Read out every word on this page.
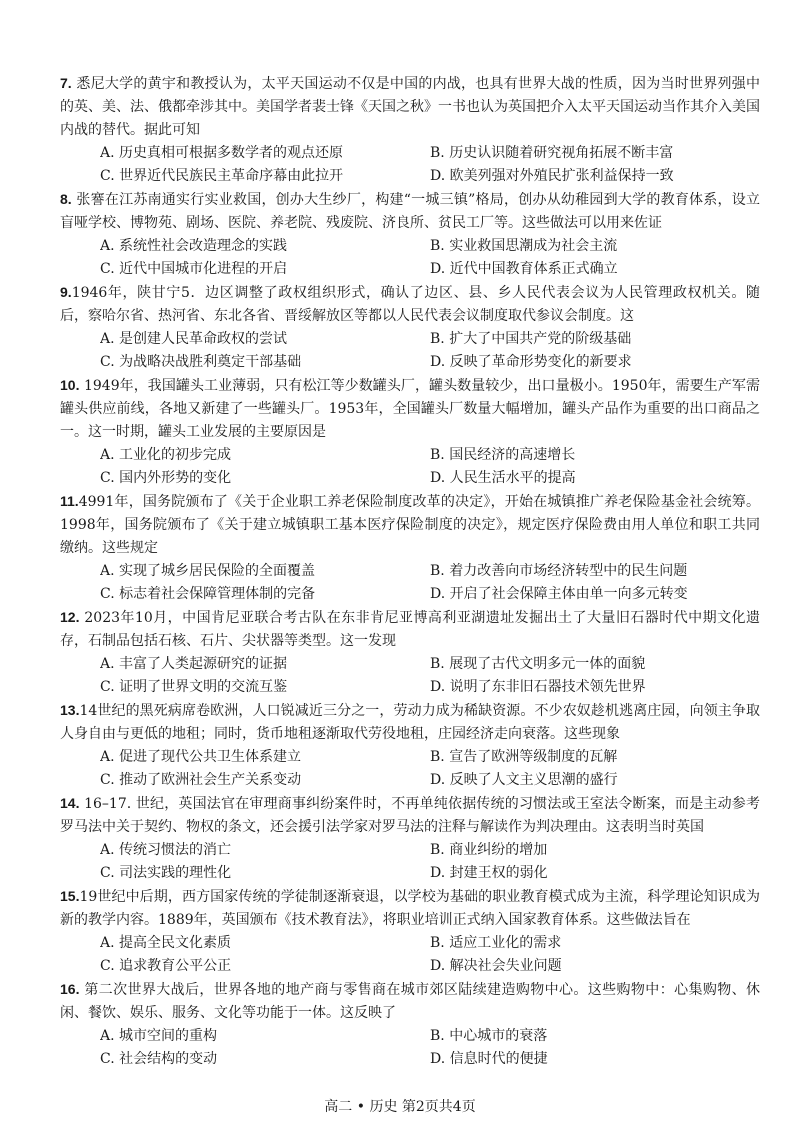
7. 悉尼大学的黄宇和教授认为，太平天国运动不仅是中国的内战，也具有世界大战的性质，因为当时世界列强中的英、美、法、俄都牵涉其中。美国学者裴士锋《天国之秋》一书也认为英国把介入太平天国运动当作其介入美国内战的替代。据此可知
A. 历史真相可根据多数学者的观点还原	B. 历史认识随着研究视角拓展不断丰富
C. 世界近代民族民主革命序幕由此拉开	D. 欧美列强对外殖民扩张利益保持一致
8. 张謇在江苏南通实行实业救国，创办大生纱厂，构建“一城三镇”格局，创办从幼稚园到大学的教育体系，设立盲哑学校、博物苑、剧场、医院、养老院、残废院、济良所、贫民工厂等。这些做法可以用来佐证
A. 系统性社会改造理念的实践	B. 实业救国思潮成为社会主流
C. 近代中国城市化进程的开启	D. 近代中国教育体系正式确立
9.1946年，陕甘宁5．边区调整了政权组织形式，确认了边区、县、乡人民代表会议为人民管理政权机关。随后，察哈尔省、热河省、东北各省、晋绥解放区等都以人民代表会议制度取代参议会制度。这
A. 是创建人民革命政权的尝试	B. 扩大了中国共产党的阶级基础
C. 为战略决战胜利奠定干部基础	D. 反映了革命形势变化的新要求
10. 1949年，我国罐头工业薄弱，只有松江等少数罐头厂，罐头数量较少，出口量极小。1950年，需要生产军需罐头供应前线，各地又新建了一些罐头厂。1953年，全国罐头厂数量大幅增加，罐头产品作为重要的出口商品之一。这一时期，罐头工业发展的主要原因是
A. 工业化的初步完成	B. 国民经济的高速增长
C. 国内外形势的变化	D. 人民生活水平的提高
11.4991年，国务院颁布了《关于企业职工养老保险制度改革的决定》，开始在城镇推广养老保险基金社会统筹。1998年，国务院颁布了《关于建立城镇职工基本医疗保险制度的决定》，规定医疗保险费由用人单位和职工共同缴纳。这些规定
A. 实现了城乡居民保险的全面覆盖	B. 着力改善向市场经济转型中的民生问题
C. 标志着社会保障管理体制的完备	D. 开启了社会保障主体由单一向多元转变
12. 2023年10月，中国肯尼亚联合考古队在东非肯尼亚博高利亚湖遗址发掘出土了大量旧石器时代中期文化遗存，石制品包括石核、石片、尖状器等类型。这一发现
A. 丰富了人类起源研究的证据	B. 展现了古代文明多元一体的面貌
C. 证明了世界文明的交流互鉴	D. 说明了东非旧石器技术领先世界
13.14世纪的黑死病席卷欧洲，人口锐减近三分之一，劳动力成为稀缺资源。不少农奴趁机逃离庄园，向领主争取人身自由与更低的地租；同时，货币地租逐渐取代劳役地租，庄园经济走向衰落。这些现象
A. 促进了现代公共卫生体系建立	B. 宣告了欧洲等级制度的瓦解
C. 推动了欧洲社会生产关系变动	D. 反映了人文主义思潮的盛行
14. 16–17. 世纪，英国法官在审理商事纠纷案件时，不再单纯依据传统的习惯法或王室法令断案，而是主动参考罗马法中关于契约、物权的条文，还会援引法学家对罗马法的注释与解读作为判决理由。这表明当时英国
A. 传统习惯法的消亡	B. 商业纠纷的增加
C. 司法实践的理性化	D. 封建王权的弱化
15.19世纪中后期，西方国家传统的学徒制逐渐衰退，以学校为基础的职业教育模式成为主流，科学理论知识成为新的教学内容。1889年，英国颁布《技术教育法》，将职业培训正式纳入国家教育体系。这些做法旨在
A. 提高全民文化素质	B. 适应工业化的需求
C. 追求教育公平公正	D. 解决社会失业问题
16. 第二次世界大战后，世界各地的地产商与零售商在城市郊区陆续建造购物中心。这些购物中：心集购物、休闲、餐饮、娱乐、服务、文化等功能于一体。这反映了
A. 城市空间的重构	B. 中心城市的衰落
C. 社会结构的变动	D. 信息时代的便捷
高二 • 历史 第2页共4页
